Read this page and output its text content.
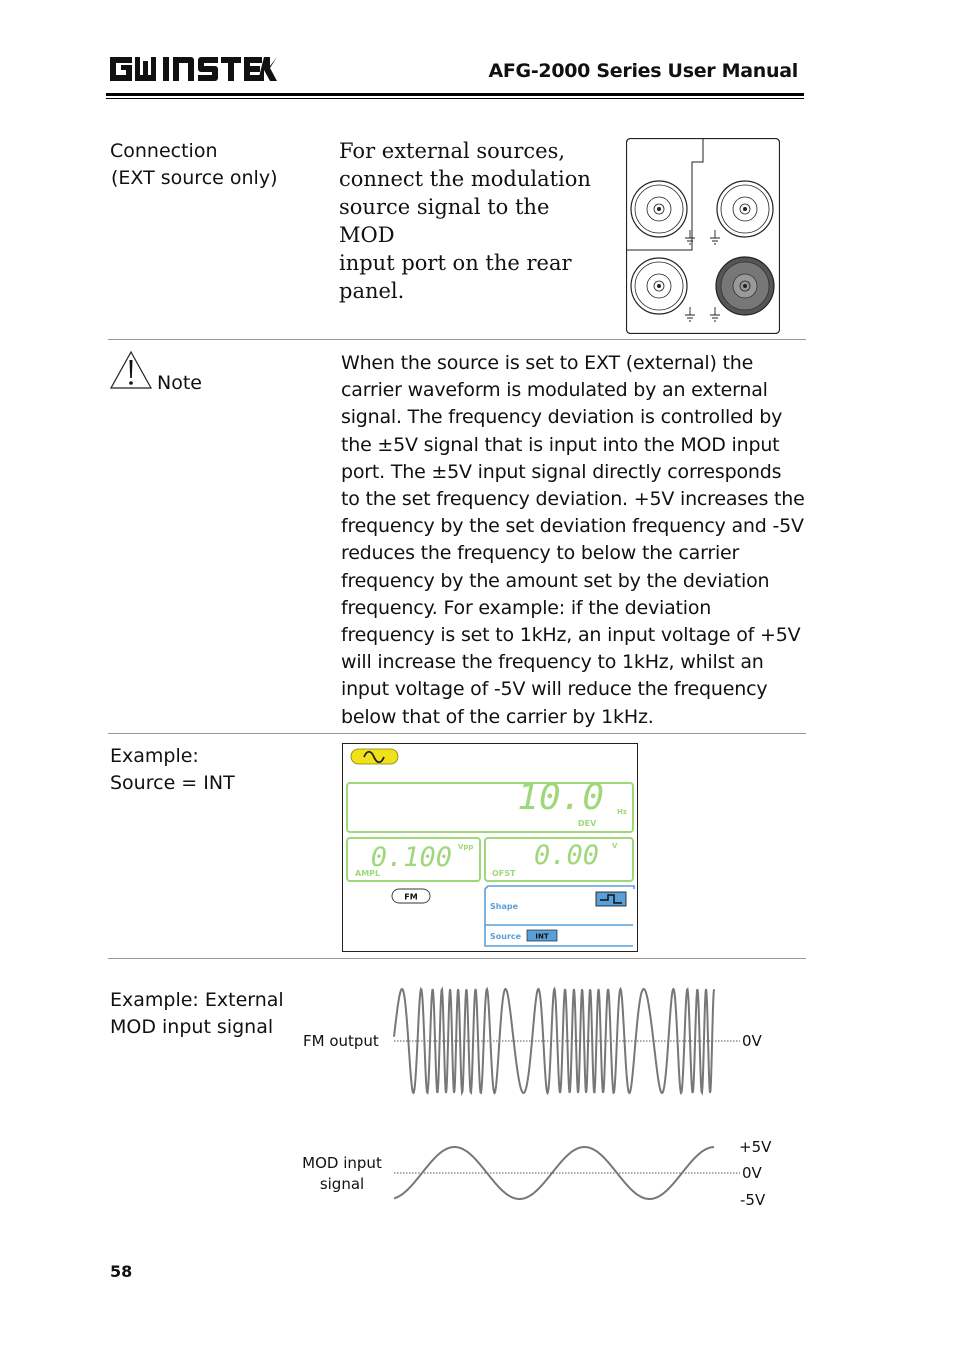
AFG-2000 Series User Manual
Connection
(EXT source only)
For external sources,
connect the modulation
source signal to the MOD
input port on the rear
panel.
Note
When the source is set to EXT (external) the
carrier waveform is modulated by an external
signal. The frequency deviation is controlled by
the ±5V signal that is input into the MOD input
port. The ±5V input signal directly corresponds
to the set frequency deviation. +5V increases the
frequency by the set deviation frequency and -5V
reduces the frequency to below the carrier
frequency by the amount set by the deviation
frequency. For example: if the deviation
frequency is set to 1kHz, an input voltage of +5V
will increase the frequency to 1kHz, whilst an
input voltage of -5V will reduce the frequency
below that of the carrier by 1kHz.
Example:
Source = INT	10.0 Hz
DEV
0.100 Vpp
AMPL
0.00 V
OFST
FM
Shape
Source INT
Example: External
MOD input signal
FM output	0V
MOD input
signal
+5V
0V
-5V
58
